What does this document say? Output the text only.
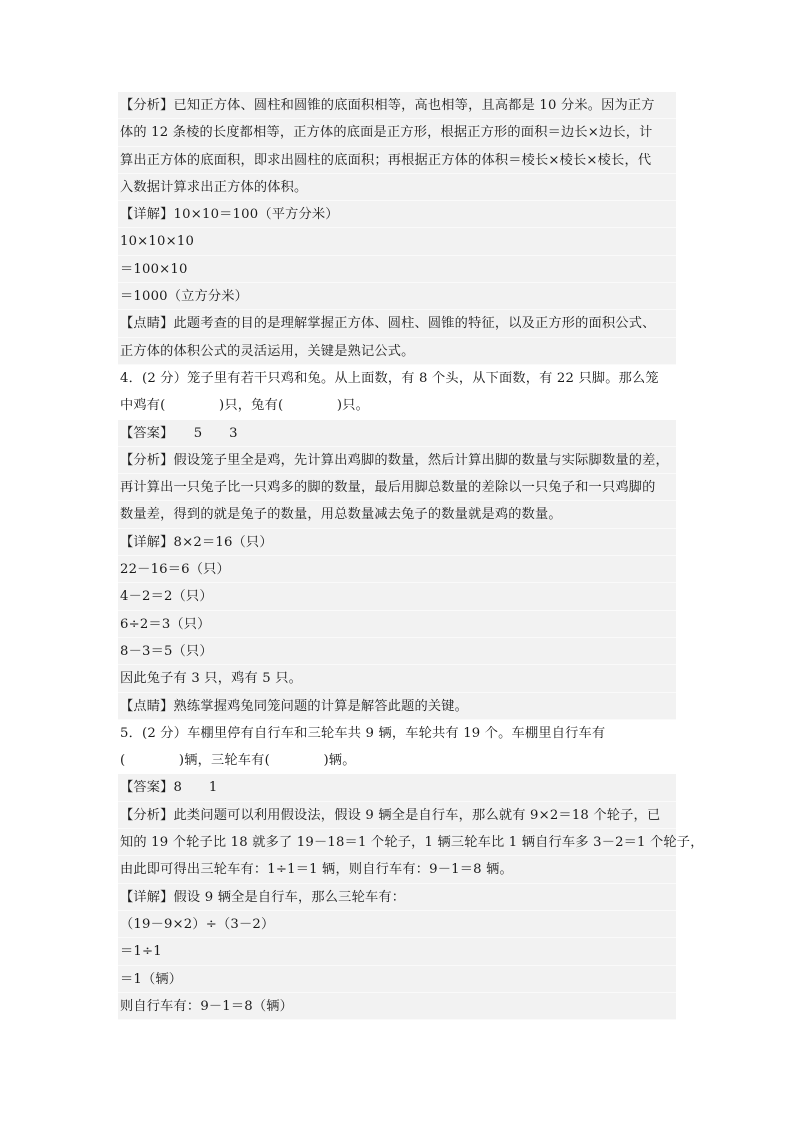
【分析】已知正方体、圆柱和圆锥的底面积相等，高也相等，且高都是 10 分米。因为正方
体的 12 条棱的长度都相等，正方体的底面是正方形，根据正方形的面积＝边长×边长，计
算出正方体的底面积，即求出圆柱的底面积；再根据正方体的体积＝棱长×棱长×棱长，代
入数据计算求出正方体的体积。
【详解】10×10＝100（平方分米）
10×10×10
＝100×10
＝1000（立方分米）
【点睛】此题考查的目的是理解掌握正方体、圆柱、圆锥的特征，以及正方形的面积公式、
正方体的体积公式的灵活运用，关键是熟记公式。
4．(2 分）笼子里有若干只鸡和兔。从上面数，有 8 个头，从下面数，有 22 只脚。那么笼
中鸡有(　　　　)只，兔有(　　　　)只。
【答案】　　5　　3
【分析】假设笼子里全是鸡，先计算出鸡脚的数量，然后计算出脚的数量与实际脚数量的差，
再计算出一只兔子比一只鸡多的脚的数量，最后用脚总数量的差除以一只兔子和一只鸡脚的
数量差，得到的就是兔子的数量，用总数量减去兔子的数量就是鸡的数量。
【详解】8×2＝16（只）
22－16＝6（只）
4－2＝2（只）
6÷2＝3（只）
8－3＝5（只）
因此兔子有 3 只，鸡有 5 只。
【点睛】熟练掌握鸡兔同笼问题的计算是解答此题的关键。
5．(2 分）车棚里停有自行车和三轮车共 9 辆，车轮共有 19 个。车棚里自行车有
(　　　　)辆，三轮车有(　　　　)辆。
【答案】8　　1
【分析】此类问题可以利用假设法，假设 9 辆全是自行车，那么就有 9×2＝18 个轮子，已
知的 19 个轮子比 18 就多了 19－18＝1 个轮子，1 辆三轮车比 1 辆自行车多 3－2＝1 个轮子，
由此即可得出三轮车有：1÷1＝1 辆，则自行车有：9－1＝8 辆。
【详解】假设 9 辆全是自行车，那么三轮车有：
（19－9×2）÷（3－2）
＝1÷1
＝1（辆）
则自行车有：9－1＝8（辆）
